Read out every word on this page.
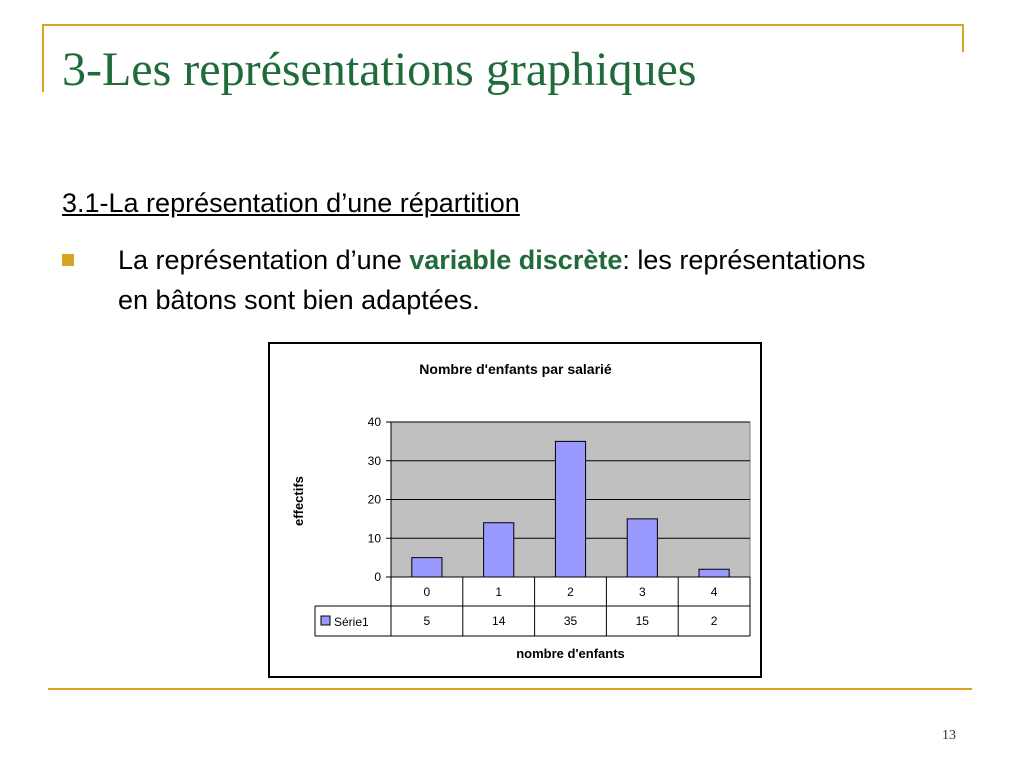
3-Les représentations graphiques
3.1-La représentation d’une répartition

La représentation d’une variable discrète: les représentations en bâtons sont bien adaptées.

Nombre d'enfants par salarié
0
10
20
30
40
0
5
1
14
2
35
3
15
4
2
Série1
nombre d'enfants
effectifs
13
